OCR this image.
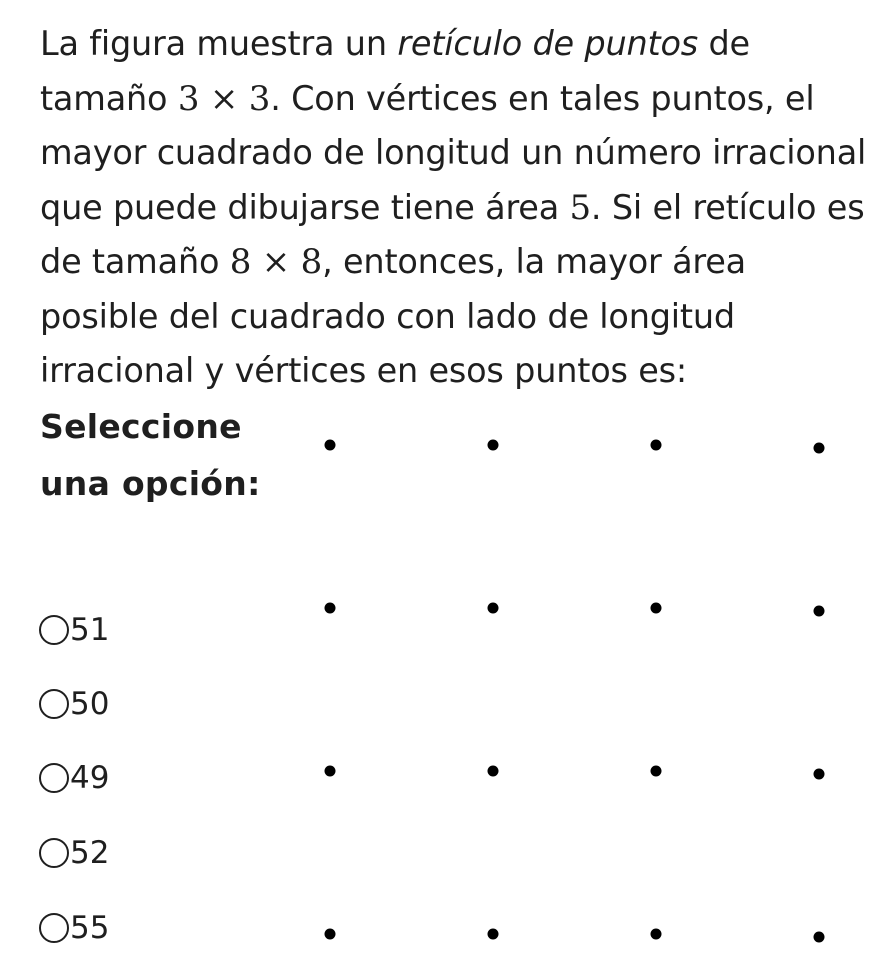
La figura muestra un retículo de puntos de
tamaño 3 × 3. Con vértices en tales puntos, el
mayor cuadrado de longitud un número irracional
que puede dibujarse tiene área 5. Si el retículo es
de tamaño 8 × 8, entonces, la mayor área
posible del cuadrado con lado de longitud
irracional y vértices en esos puntos es:
Seleccione
una opción:
51
50
49
52
55
